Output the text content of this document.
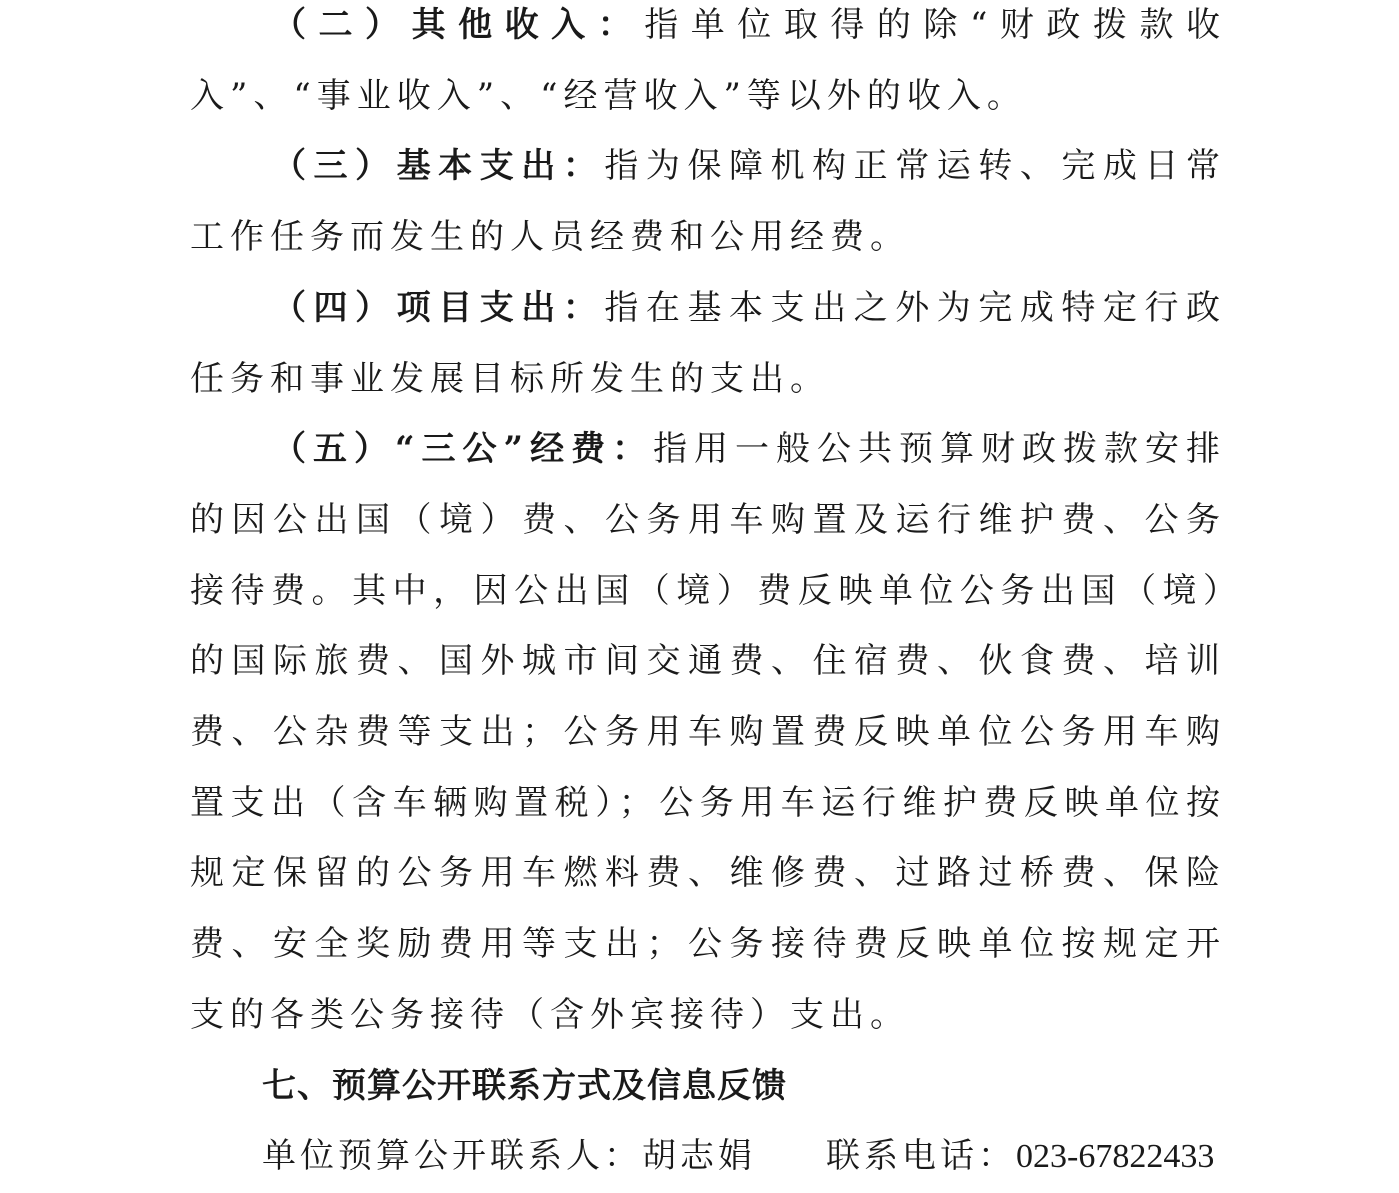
（二）其他收入：指单位取得的除“财政拨款收入”、“事业收入”、“经营收入”等以外的收入。

（三）基本支出：指为保障机构正常运转、完成日常工作任务而发生的人员经费和公用经费。

（四）项目支出：指在基本支出之外为完成特定行政任务和事业发展目标所发生的支出。

（五）“三公”经费：指用一般公共预算财政拨款安排的因公出国（境）费、公务用车购置及运行维护费、公务接待费。其中，因公出国（境）费反映单位公务出国（境）的国际旅费、国外城市间交通费、住宿费、伙食费、培训费、公杂费等支出；公务用车购置费反映单位公务用车购置支出（含车辆购置税）；公务用车运行维护费反映单位按规定保留的公务用车燃料费、维修费、过路过桥费、保险费、安全奖励费用等支出；公务接待费反映单位按规定开支的各类公务接待（含外宾接待）支出。

七、预算公开联系方式及信息反馈

单位预算公开联系人：胡志娟 联系电话：023-67822433
